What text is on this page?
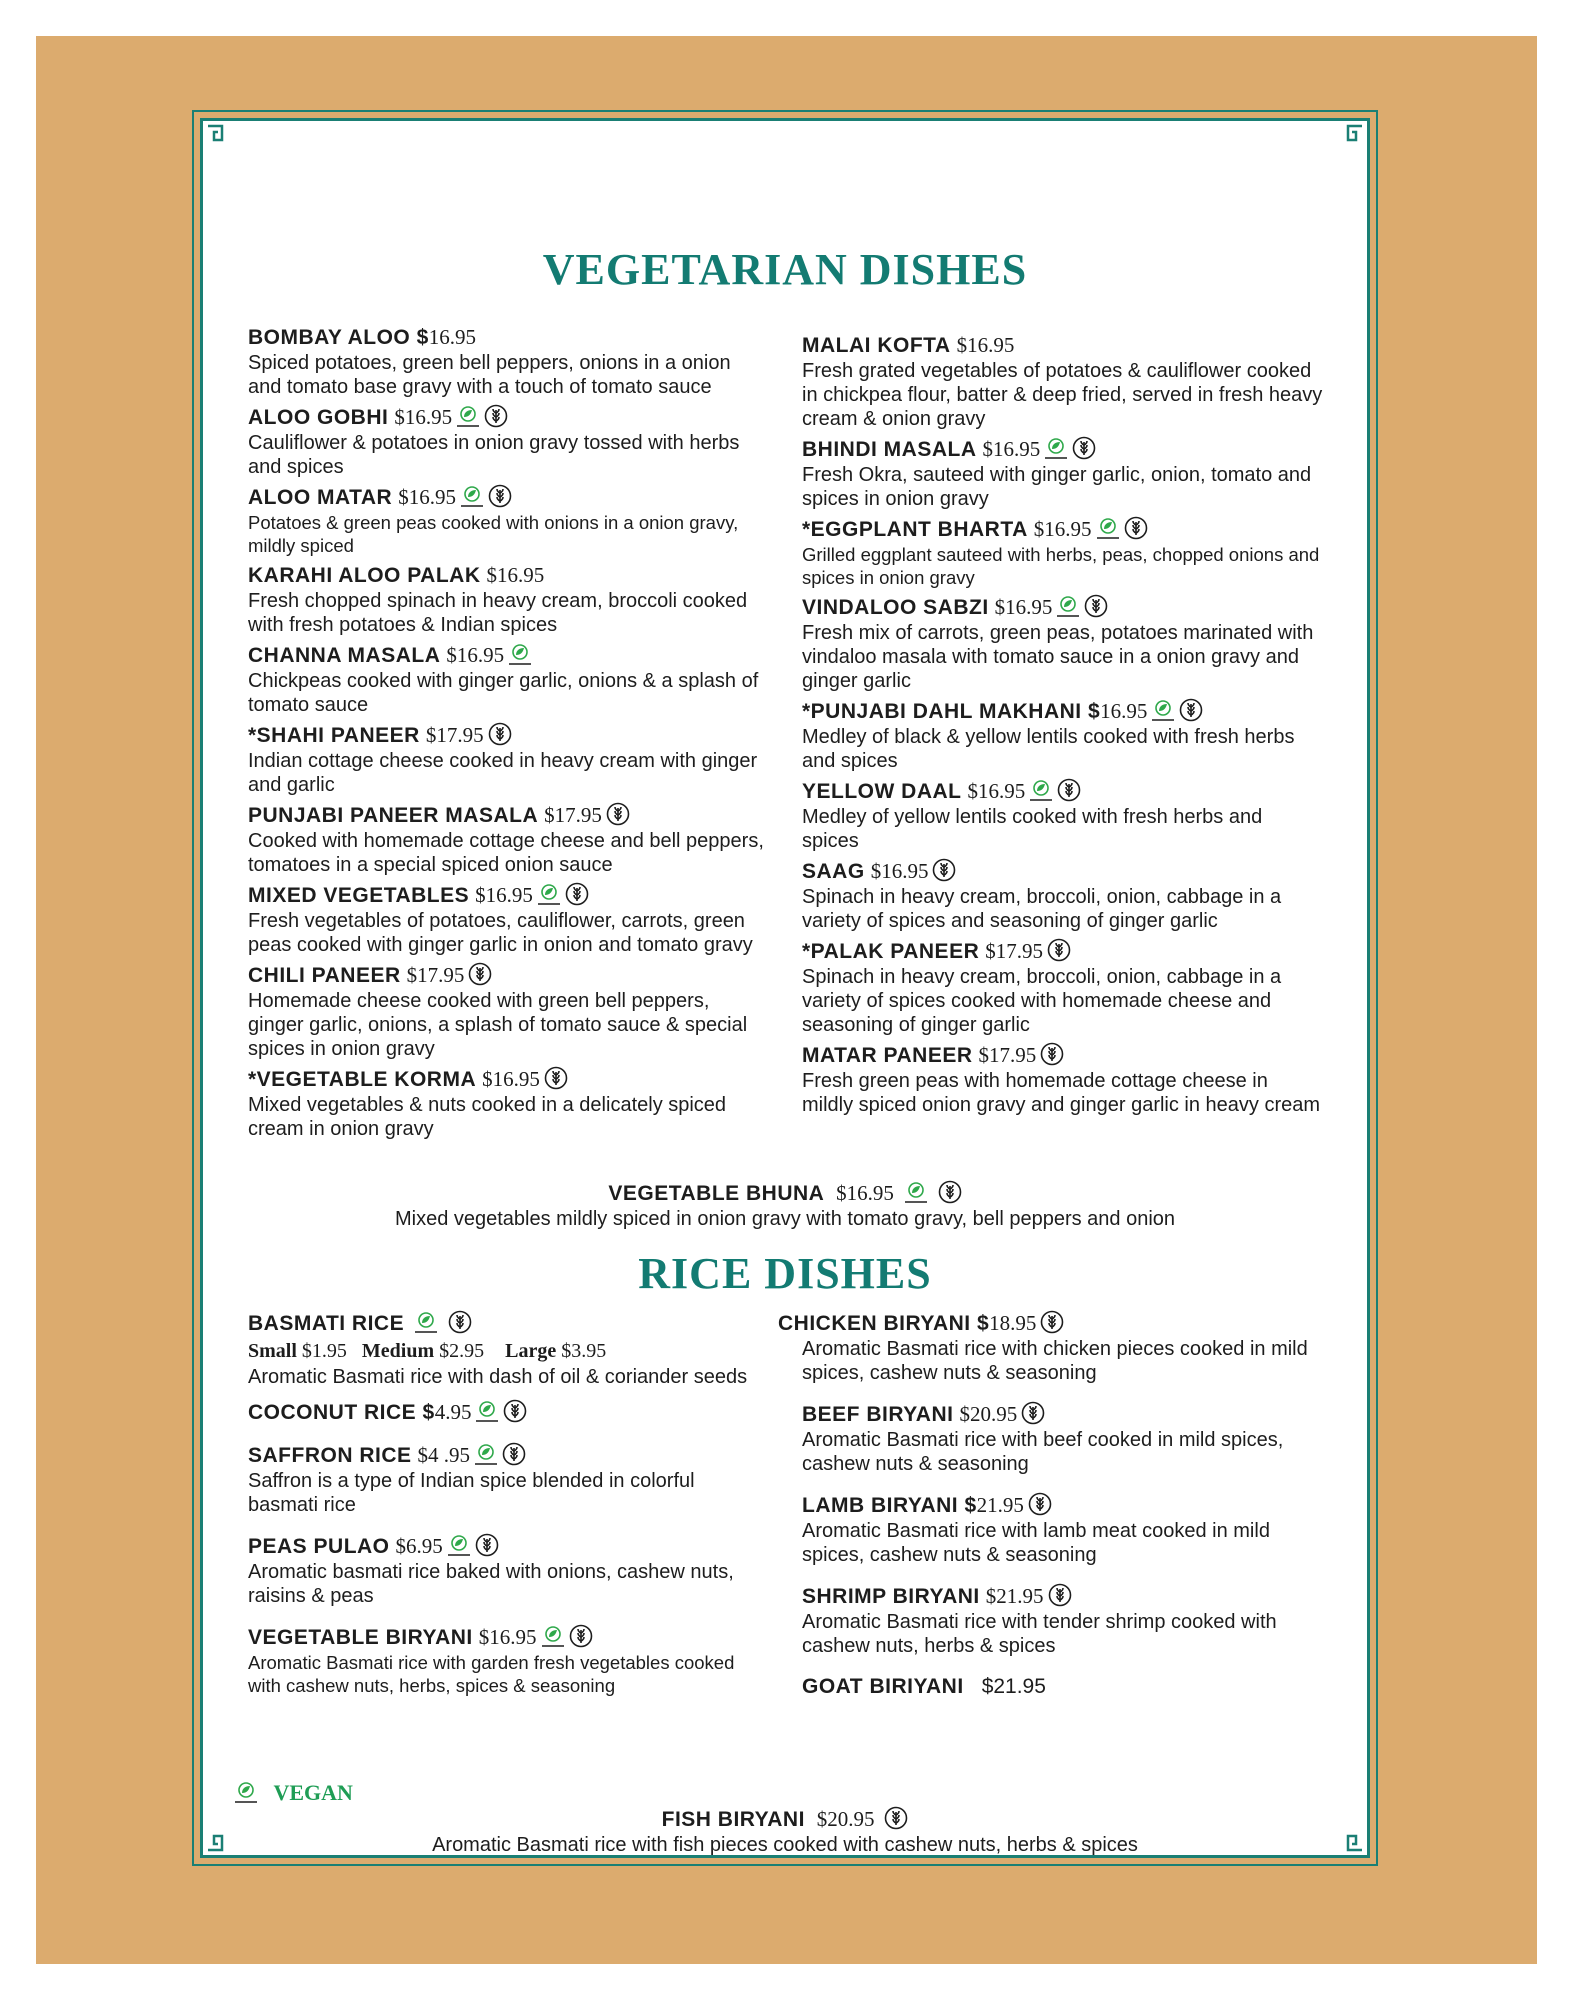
VEGETARIAN DISHES
BOMBAY ALOO $16.95

Spiced potatoes, green bell peppers, onions in a onion and tomato base gravy with a touch of tomato sauce

ALOO GOBHI $16.95

Cauliflower & potatoes in onion gravy tossed with herbs and spices

ALOO MATAR $16.95

Potatoes & green peas cooked with onions in a onion gravy, mildly spiced

KARAHI ALOO PALAK $16.95

Fresh chopped spinach in heavy cream, broccoli cooked with fresh potatoes & Indian spices

CHANNA MASALA $16.95

Chickpeas cooked with ginger garlic, onions & a splash of tomato sauce

*SHAHI PANEER $17.95

Indian cottage cheese cooked in heavy cream with ginger and garlic

PUNJABI PANEER MASALA $17.95

Cooked with homemade cottage cheese and bell peppers, tomatoes in a special spiced onion sauce

MIXED VEGETABLES $16.95

Fresh vegetables of potatoes, cauliflower, carrots, green peas cooked with ginger garlic in onion and tomato gravy

CHILI PANEER $17.95

Homemade cheese cooked with green bell peppers, ginger garlic, onions, a splash of tomato sauce & special spices in onion gravy

*VEGETABLE KORMA $16.95

Mixed vegetables & nuts cooked in a delicately spiced cream in onion gravy

MALAI KOFTA $16.95

Fresh grated vegetables of potatoes & cauliflower cooked in chickpea flour, batter & deep fried, served in fresh heavy cream & onion gravy

BHINDI MASALA $16.95

Fresh Okra, sauteed with ginger garlic, onion, tomato and spices in onion gravy

*EGGPLANT BHARTA $16.95

Grilled eggplant sauteed with herbs, peas, chopped onions and spices in onion gravy

VINDALOO SABZI $16.95

Fresh mix of carrots, green peas, potatoes marinated with vindaloo masala with tomato sauce in a onion gravy and ginger garlic

*PUNJABI DAHL MAKHANI $16.95

Medley of black & yellow lentils cooked with fresh herbs and spices

YELLOW DAAL $16.95

Medley of yellow lentils cooked with fresh herbs and spices

SAAG $16.95

Spinach in heavy cream, broccoli, onion, cabbage in a variety of spices and seasoning of ginger garlic

*PALAK PANEER $17.95

Spinach in heavy cream, broccoli, onion, cabbage in a variety of spices cooked with homemade cheese and seasoning of ginger garlic

MATAR PANEER $17.95

Fresh green peas with homemade cottage cheese in mildly spiced onion gravy and ginger garlic in heavy cream

VEGETABLE BHUNA $16.95

Mixed vegetables mildly spiced in onion gravy with tomato gravy, bell peppers and onion

RICE DISHES
BASMATI RICE

Small $1.95 Medium $2.95 Large $3.95

Aromatic Basmati rice with dash of oil & coriander seeds

COCONUT RICE $4.95
SAFFRON RICE $4 .95

Saffron is a type of Indian spice blended in colorful basmati rice

PEAS PULAO $6.95

Aromatic basmati rice baked with onions, cashew nuts, raisins & peas

VEGETABLE BIRYANI $16.95

Aromatic Basmati rice with garden fresh vegetables cooked with cashew nuts, herbs, spices & seasoning

CHICKEN BIRYANI $18.95

Aromatic Basmati rice with chicken pieces cooked in mild spices, cashew nuts & seasoning

BEEF BIRYANI $20.95

Aromatic Basmati rice with beef cooked in mild spices, cashew nuts & seasoning

LAMB BIRYANI $21.95

Aromatic Basmati rice with lamb meat cooked in mild spices, cashew nuts & seasoning

SHRIMP BIRYANI $21.95

Aromatic Basmati rice with tender shrimp cooked with cashew nuts, herbs & spices

GOAT BIRIYANI $21.95
VEGAN
FISH BIRYANI $20.95

Aromatic Basmati rice with fish pieces cooked with cashew nuts, herbs & spices
